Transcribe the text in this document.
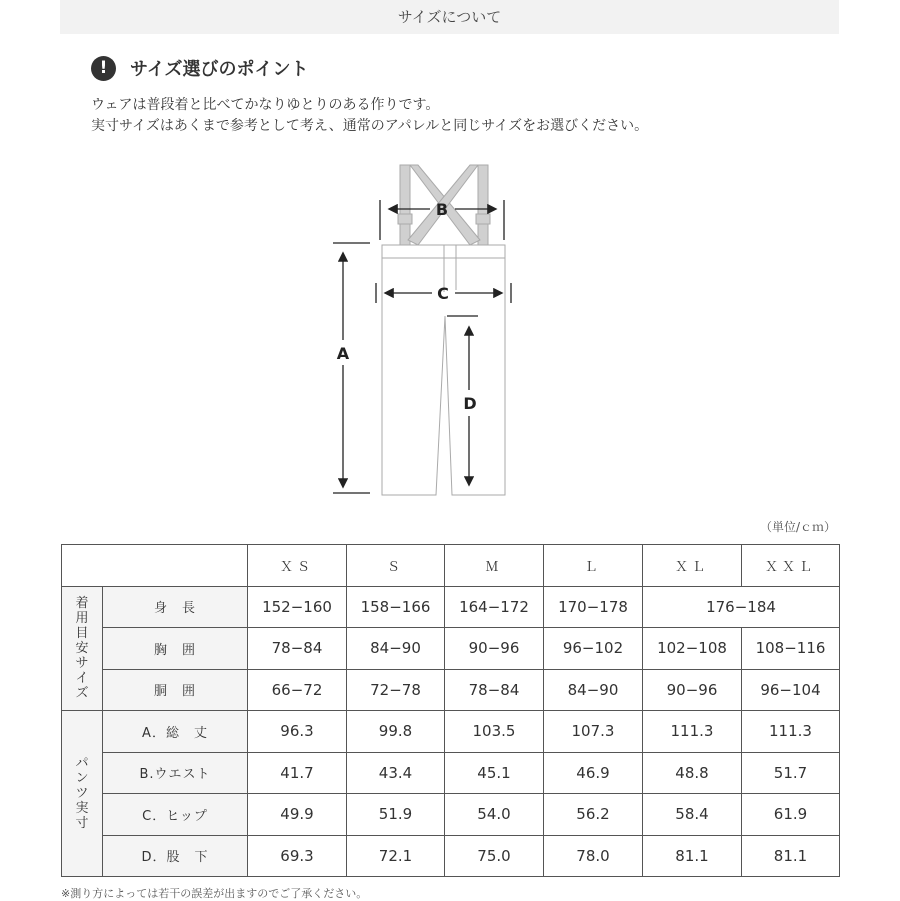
サイズについて
!	サイズ選びのポイント
ウェアは普段着と比べてかなりゆとりのある作りです。
実寸サイズはあくまで参考として考え、通常のアパレルと同じサイズをお選びください。
B
C
A
D
（単位/ｃｍ）
		ＸＳ	Ｓ	Ｍ	Ｌ	ＸＬ	ＸＸＬ
着用目安サイズ	身　長	152−160	158−166	164−172	170−178	176−184	
	胸　囲	78−84	84−90	90−96	96−102	102−108	108−116
	胴　囲	66−72	72−78	78−84	84−90	90−96	96−104
パンツ実寸	A．総　丈	96.3	99.8	103.5	107.3	111.3	111.3
	B.ウエスト	41.7	43.4	45.1	46.9	48.8	51.7
	C．ヒップ	49.9	51.9	54.0	56.2	58.4	61.9
	D．股　下	69.3	72.1	75.0	78.0	81.1	81.1
※測り方によっては若干の誤差が出ますのでご了承ください。
